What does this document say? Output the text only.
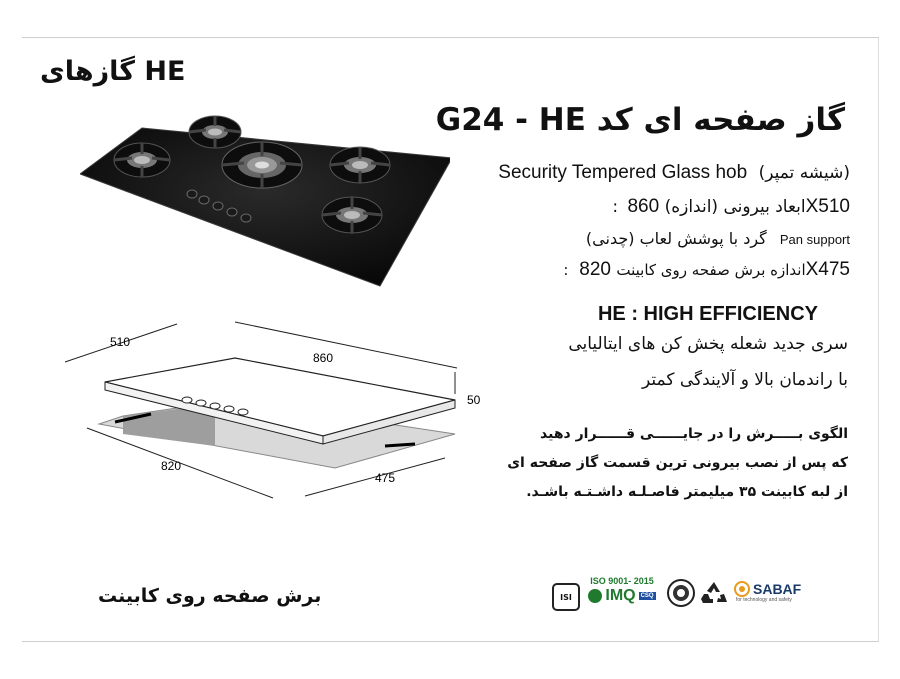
گازهای HE
گاز صفحه ای کد G24 - HE
Security Tempered Glass hob (شیشه تمپر)
: ابعاد بیرونی (اندازه) 860X510
(چدنی) گرد با پوشش لعاب Pan support
: اندازه برش صفحه روی کابینت 820X475
HE : HIGH EFFICIENCY
سری جدید شعله پخش کن های ایتالیایی
با راندمان بالا و آلایندگی کمتر
الگوی بـــــرش را در جایــــــی قــــــرار دهید
که پس از نصب بیرونی ترین قسمت گاز صفحه ای
از لبه کابینت ۳۵ میلیمتر فاصـلـه داشـتـه باشـد.
510
860
50
820
475
برش صفحه روی کابینت	ISI
ISO 9001- 2015
IMQ CSQ	SABAF
for technology and safety
